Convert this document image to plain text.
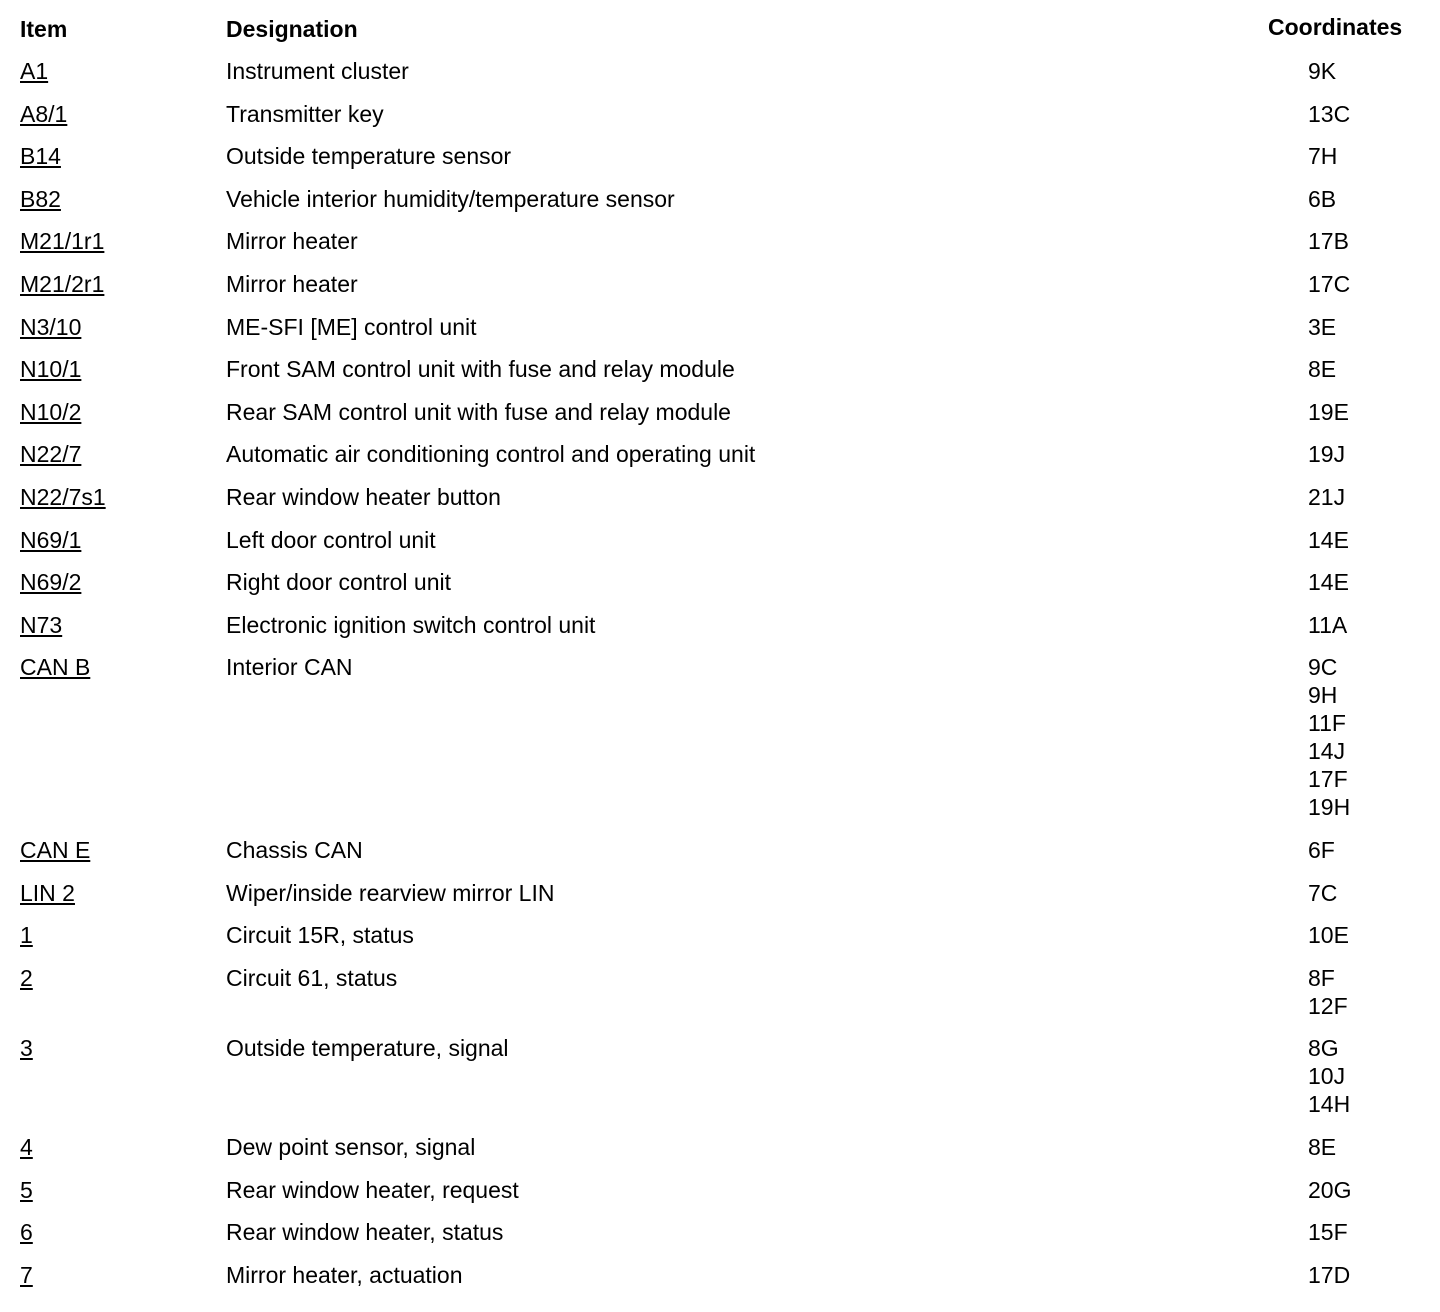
Item	Designation	Coordinates
A1	Instrument cluster	9K
A8/1	Transmitter key	13C
B14	Outside temperature sensor	7H
B82	Vehicle interior humidity/temperature sensor	6B
M21/1r1	Mirror heater	17B
M21/2r1	Mirror heater	17C
N3/10	ME-SFI [ME] control unit	3E
N10/1	Front SAM control unit with fuse and relay module	8E
N10/2	Rear SAM control unit with fuse and relay module	19E
N22/7	Automatic air conditioning control and operating unit	19J
N22/7s1	Rear window heater button	21J
N69/1	Left door control unit	14E
N69/2	Right door control unit	14E
N73	Electronic ignition switch control unit	11A
CAN B	Interior CAN	9C
9H
11F
14J
17F
19H
CAN E	Chassis CAN	6F
LIN 2	Wiper/inside rearview mirror LIN	7C
1	Circuit 15R, status	10E
2	Circuit 61, status	8F
12F
3	Outside temperature, signal	8G
10J
14H
4	Dew point sensor, signal	8E
5	Rear window heater, request	20G
6	Rear window heater, status	15F
7	Mirror heater, actuation	17D
